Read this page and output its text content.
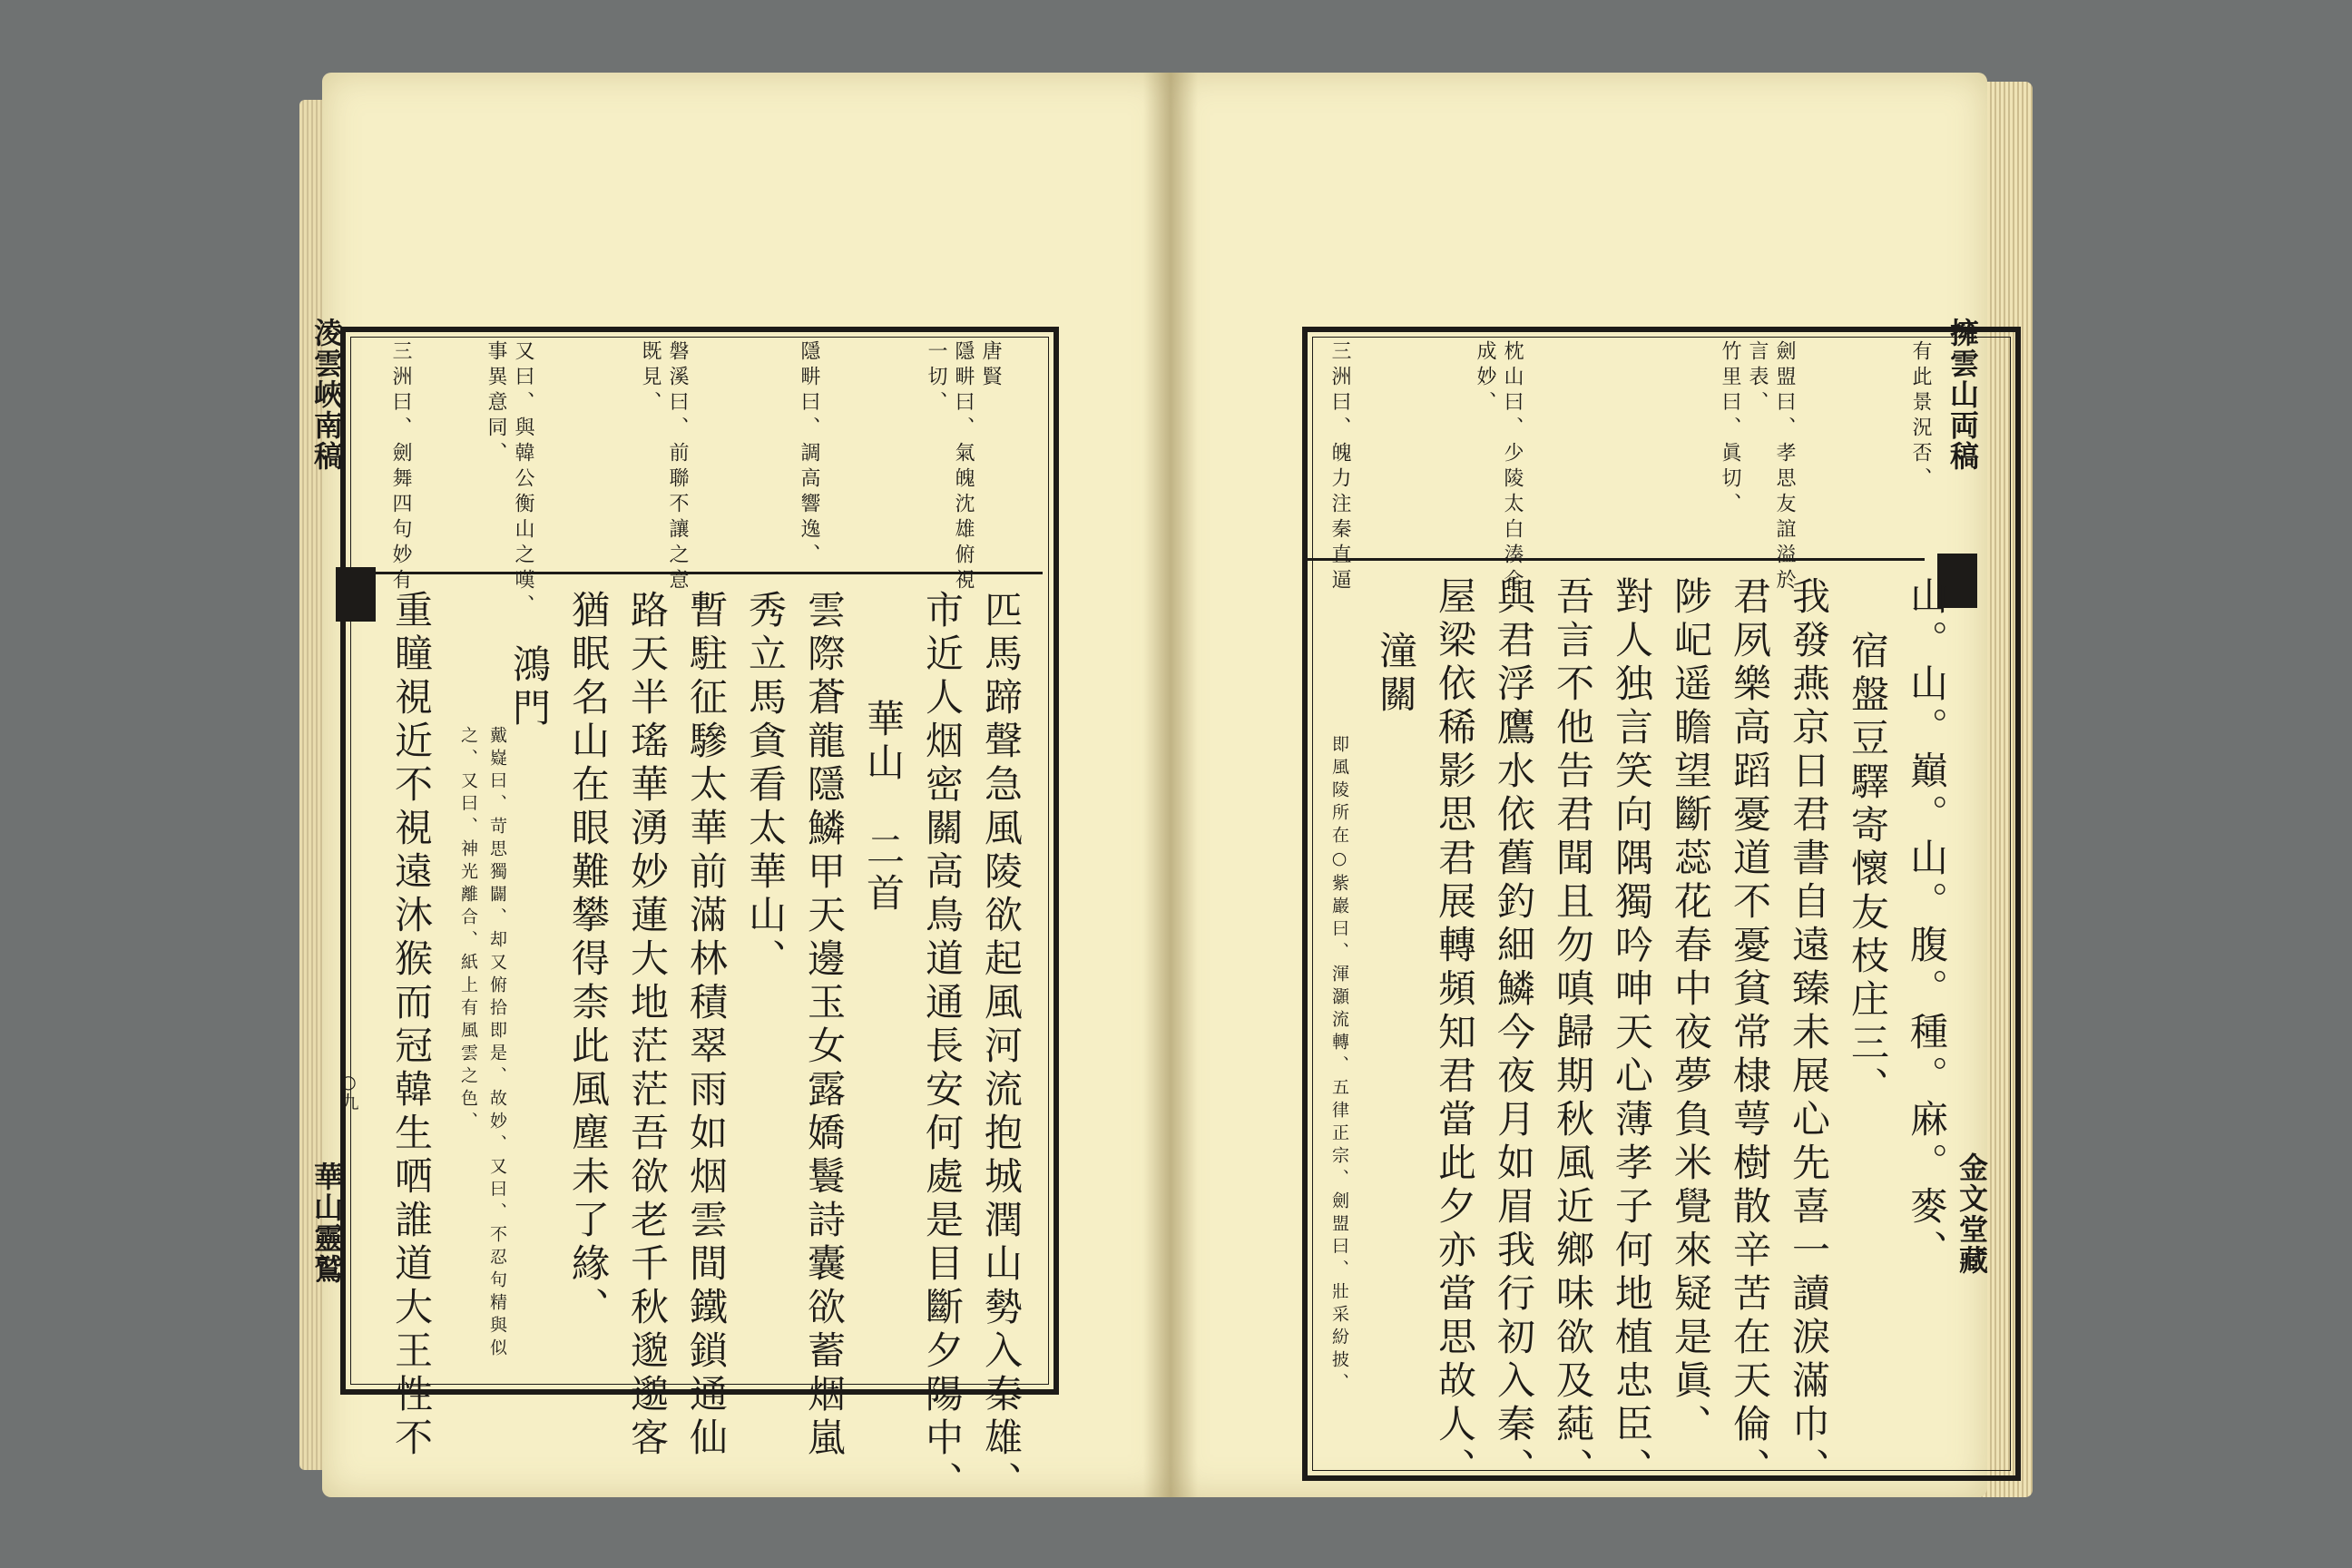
淩雲峽南稿
○九
華山靈鷲
唐賢
隱畊曰、氣魄沈雄俯視
一切、
隱畊曰、調高響逸、
磐溪曰、前聯不讓之意
既見、
又曰、與韓公衡山之嘆、
事異意同、
三洲曰、劍舞四句妙有
匹馬蹄聲急風陵欲起風河流抱城潤山勢入秦雄、
市近人烟密關高鳥道通長安何處是目斷夕陽中、
華山　二首
雲際蒼龍隱鱗甲天邊玉女露嬌鬟詩囊欲蓄烟嵐
秀立馬貪看太華山、
暫駐征驂太華前滿林積翠雨如烟雲間鐵鎖通仙
路天半瑤華湧妙蓮大地茫茫吾欲老千秋邈邈客
猶眠名山在眼難攀得柰此風塵未了緣、
鴻門
戴嶷曰、苛思獨闢、却又俯拾即是、故妙、又曰、不忍句精與似之、又曰、神光離合、紙上有風雲之色、
重瞳視近不視遠沐猴而冠韓生哂誰道大王性不
擁雲山両稿
金文堂藏
有此景況否、
劍盟曰、孝思友誼溢於
言表、
竹里曰、眞切、
枕山曰、少陵太白湊合
成妙、
三洲曰、魄力注秦直逼
山。山。巔。山。腹。種。麻。麥、
宿盤豆驛寄懷友枝庄三、
我發燕京日君書自遠臻未展心先喜一讀淚滿巾、
君夙樂高蹈憂道不憂貧常棣萼樹散辛苦在天倫、
陟屺遥瞻望斷蕊花春中夜夢負米覺來疑是眞、
對人独言笑向隅獨吟呻天心薄孝子何地植忠臣、
吾言不他告君聞且勿嗔歸期秋風近鄉味欲及蒓、
與君浮鷹水依舊釣細鱗今夜月如眉我行初入秦、
屋梁依稀影思君展轉頻知君當此夕亦當思故人、
潼關
即風陵所在○紫巖曰、渾灝流轉、五律正宗、劍盟曰、壯采紛披、
